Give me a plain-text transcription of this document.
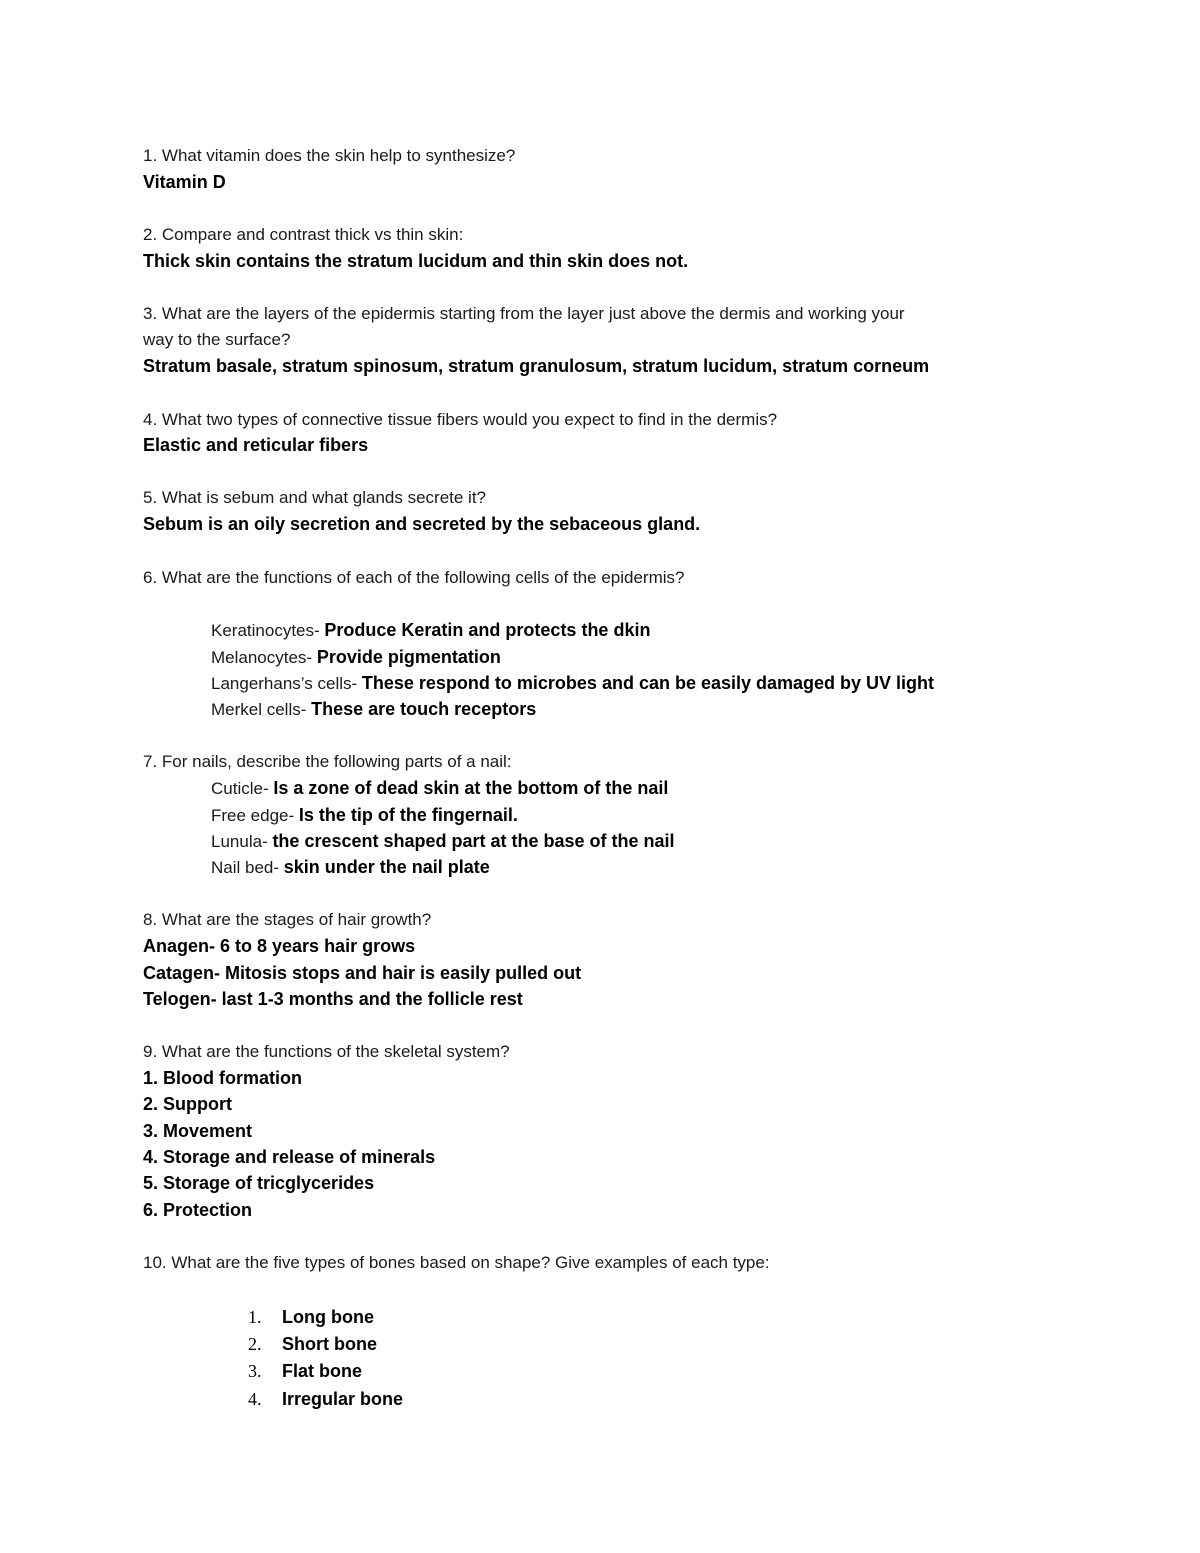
1. What vitamin does the skin help to synthesize?
Vitamin D
2. Compare and contrast thick vs thin skin:
Thick skin contains the stratum lucidum and thin skin does not.
3. What are the layers of the epidermis starting from the layer just above the dermis and working your
way to the surface?
Stratum basale, stratum spinosum, stratum granulosum, stratum lucidum, stratum corneum
4. What two types of connective tissue fibers would you expect to find in the dermis?
Elastic and reticular fibers
5. What is sebum and what glands secrete it?
Sebum is an oily secretion and secreted by the sebaceous gland.
6. What are the functions of each of the following cells of the epidermis?
Keratinocytes- Produce Keratin and protects the dkin
Melanocytes- Provide pigmentation
Langerhans’s cells- These respond to microbes and can be easily damaged by UV light
Merkel cells- These are touch receptors
7. For nails, describe the following parts of a nail:
Cuticle- Is a zone of dead skin at the bottom of the nail
Free edge- Is the tip of the fingernail.
Lunula- the crescent shaped part at the base of the nail
Nail bed- skin under the nail plate
8. What are the stages of hair growth?
Anagen- 6 to 8 years hair grows
Catagen- Mitosis stops and hair is easily pulled out
Telogen- last 1-3 months and the follicle rest
9. What are the functions of the skeletal system?
1. Blood formation
2. Support
3. Movement
4. Storage and release of minerals
5. Storage of tricglycerides
6. Protection
10. What are the five types of bones based on shape? Give examples of each type:
1. Long bone
2. Short bone
3. Flat bone
4. Irregular bone
